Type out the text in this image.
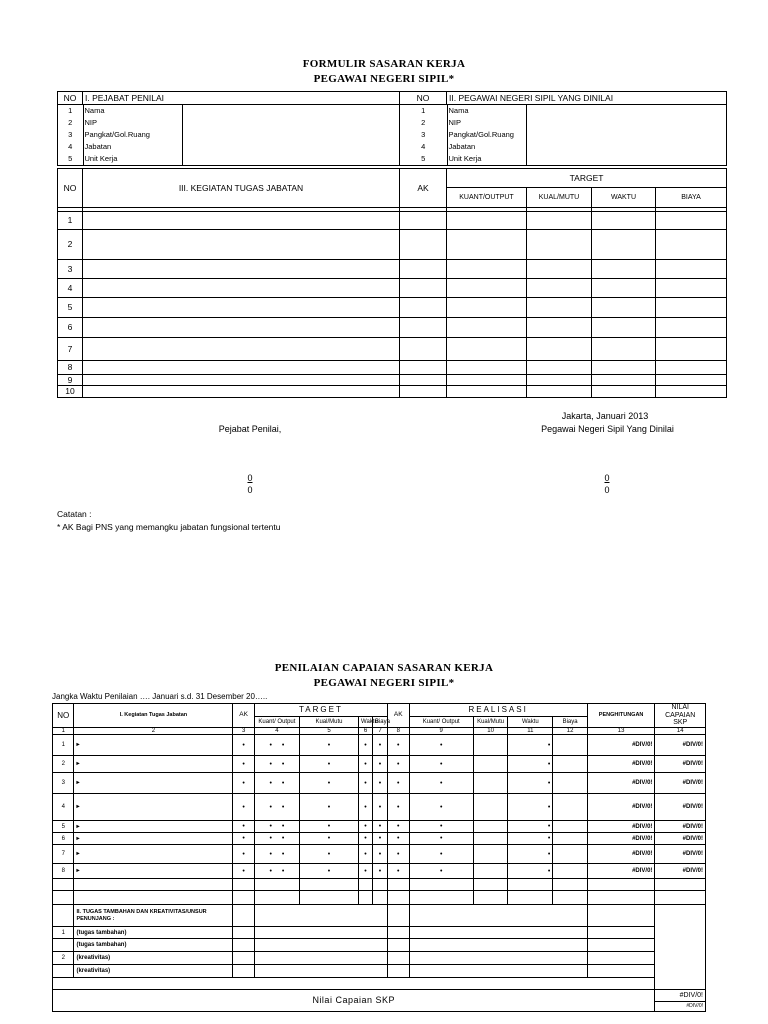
FORMULIR SASARAN KERJA
PEGAWAI NEGERI SIPIL*
NO	I. PEJABAT PENILAI	NO	II. PEGAWAI NEGERI SIPIL YANG DINILAI

1	Nama
2	NIP
3	Pangkat/Gol.Ruang
4	Jabatan
5	Unit Kerja

1	Nama
2	NIP
3	Pangkat/Gol.Ruang
4	Jabatan
5	Unit Kerja

NO	III. KEGIATAN TUGAS JABATAN	AK	TARGET			
			KUANT/OUTPUT	KUAL/MUTU	WAKTU	BIAYA

1						
2						
3						
4						
5						
6						
7						
8						
9						
10						
Jakarta, Januari 2013
Pejabat Penilai,	Pegawai Negeri Sipil Yang Dinilai
0
0
0
0
Catatan :
* AK Bagi PNS yang memangku jabatan fungsional tertentu
PENILAIAN CAPAIAN SASARAN KERJA
PEGAWAI NEGERI SIPIL*
Jangka Waktu Penilaian …. Januari s.d. 31 Desember 20…..
NO	I. Kegiatan Tugas Jabatan	AK	TARGET				AK	REALISASI				PENGHITUNGAN	NILAI CAPAIAN SKP
			Kuant/ Output	Kual/Mutu	Waktu	Biaya		Kuant/ Output	Kual/Mutu	Waktu	Biaya		
1	2	3	4	5	6	7	8	9	10	11	12	13	14
1	▸	•	•       •	•	•	•	•	•		•		#DIV/0!	#DIV/0!
2	▸	•	•       •	•	•	•	•	•		•		#DIV/0!	#DIV/0!
3	▸	•	•       •	•	•	•	•	•		•		#DIV/0!	#DIV/0!
4	▸	•	•       •	•	•	•	•	•		•		#DIV/0!	#DIV/0!
5	▸	•	•       •	•	•	•	•	•		•		#DIV/0!	#DIV/0!
6	▸	•	•       •	•	•	•	•	•		•		#DIV/0!	#DIV/0!
7	▸	•	•       •	•	•	•	•	•		•		#DIV/0!	#DIV/0!
8	▸	•	•       •	•	•	•	•	•		•		#DIV/0!	#DIV/0!

	II. TUGAS TAMBAHAN DAN KREATIVITAS/UNSUR PENUNJANG :												
1	(tugas tambahan)												
	(tugas tambahan)												
2	(kreativitas)												
	(kreativitas)												

Nilai Capaian SKP													#DIV/0!
													#DIV/0!
